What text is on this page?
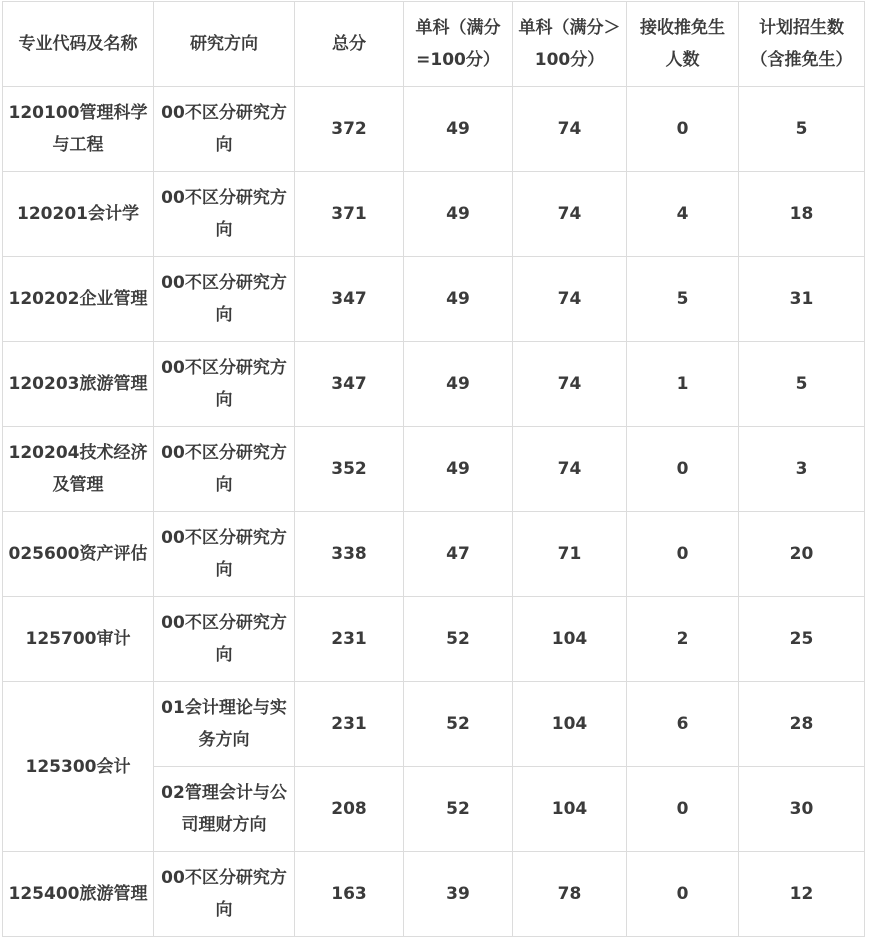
专业代码及名称	研究方向	总分	单科（满分=100分）	单科（满分＞100分）	接收推免生人数	计划招生数（含推免生）
120100管理科学与工程	00不区分研究方向	372	49	74	0	5
120201会计学	00不区分研究方向	371	49	74	4	18
120202企业管理	00不区分研究方向	347	49	74	5	31
120203旅游管理	00不区分研究方向	347	49	74	1	5
120204技术经济及管理	00不区分研究方向	352	49	74	0	3
025600资产评估	00不区分研究方向	338	47	71	0	20
125700审计	00不区分研究方向	231	52	104	2	25
125300会计	01会计理论与实务方向	231	52	104	6	28
	02管理会计与公司理财方向	208	52	104	0	30
125400旅游管理	00不区分研究方向	163	39	78	0	12
